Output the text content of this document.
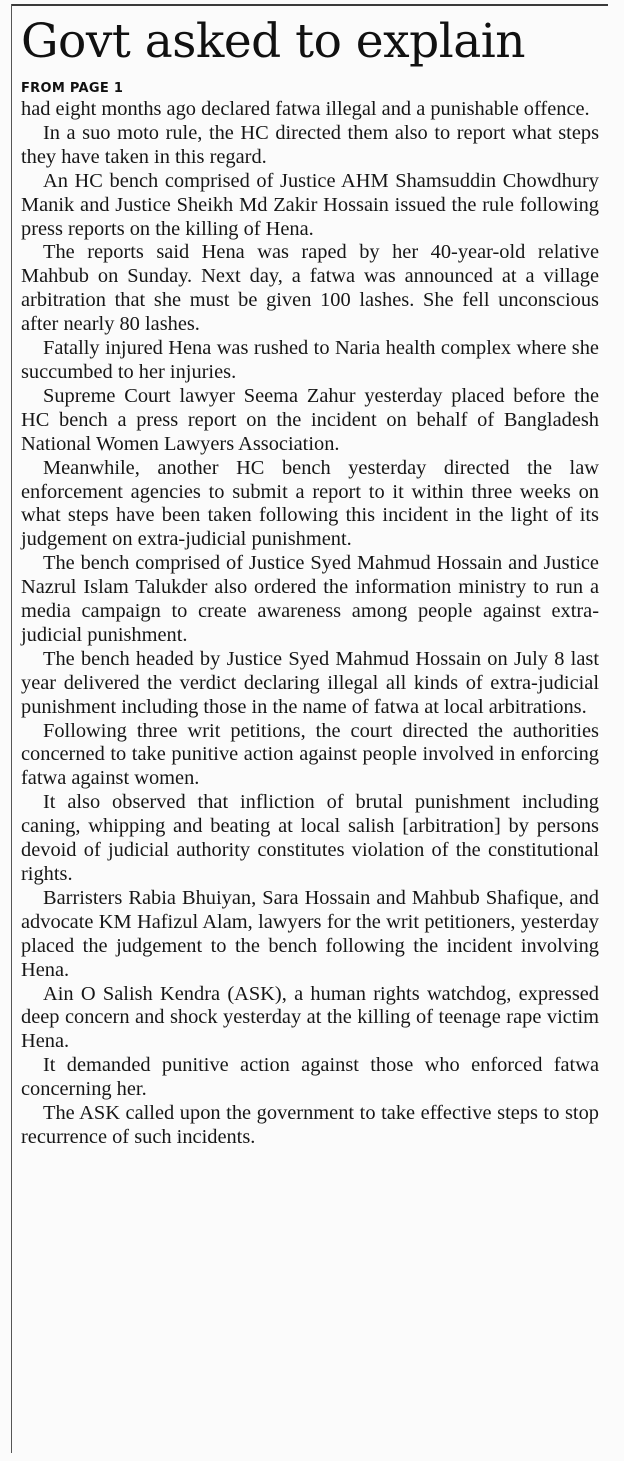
Govt asked to explain
FROM PAGE 1

had eight months ago declared fatwa illegal and a punishable offence.

In a suo moto rule, the HC directed them also to report what steps they have taken in this regard.

An HC bench comprised of Justice AHM Shamsuddin Chowdhury Manik and Justice Sheikh Md Zakir Hossain issued the rule following press reports on the killing of Hena.

The reports said Hena was raped by her 40-year-old relative Mahbub on Sunday. Next day, a fatwa was announced at a village arbitration that she must be given 100 lashes. She fell unconscious after nearly 80 lashes.

Fatally injured Hena was rushed to Naria health complex where she succumbed to her injuries.

Supreme Court lawyer Seema Zahur yesterday placed before the HC bench a press report on the incident on behalf of Bangladesh National Women Lawyers Association.

Meanwhile, another HC bench yesterday directed the law enforcement agencies to submit a report to it within three weeks on what steps have been taken following this incident in the light of its judgement on extra-judicial punishment.

The bench comprised of Justice Syed Mahmud Hossain and Justice Nazrul Islam Talukder also ordered the information ministry to run a media campaign to create awareness among people against extra-judicial punishment.

The bench headed by Justice Syed Mahmud Hossain on July 8 last year delivered the verdict declaring illegal all kinds of extra-judicial punishment including those in the name of fatwa at local arbitrations.

Following three writ petitions, the court directed the authorities concerned to take punitive action against people involved in enforcing fatwa against women.

It also observed that infliction of brutal punishment including caning, whipping and beating at local salish [arbitration] by persons devoid of judicial authority constitutes violation of the constitutional rights.

Barristers Rabia Bhuiyan, Sara Hossain and Mahbub Shafique, and advocate KM Hafizul Alam, lawyers for the writ petitioners, yesterday placed the judgement to the bench following the incident involving Hena.

Ain O Salish Kendra (ASK), a human rights watchdog, expressed deep concern and shock yesterday at the killing of teenage rape victim Hena.

It demanded punitive action against those who enforced fatwa concerning her.

The ASK called upon the government to take effective steps to stop recurrence of such incidents.
